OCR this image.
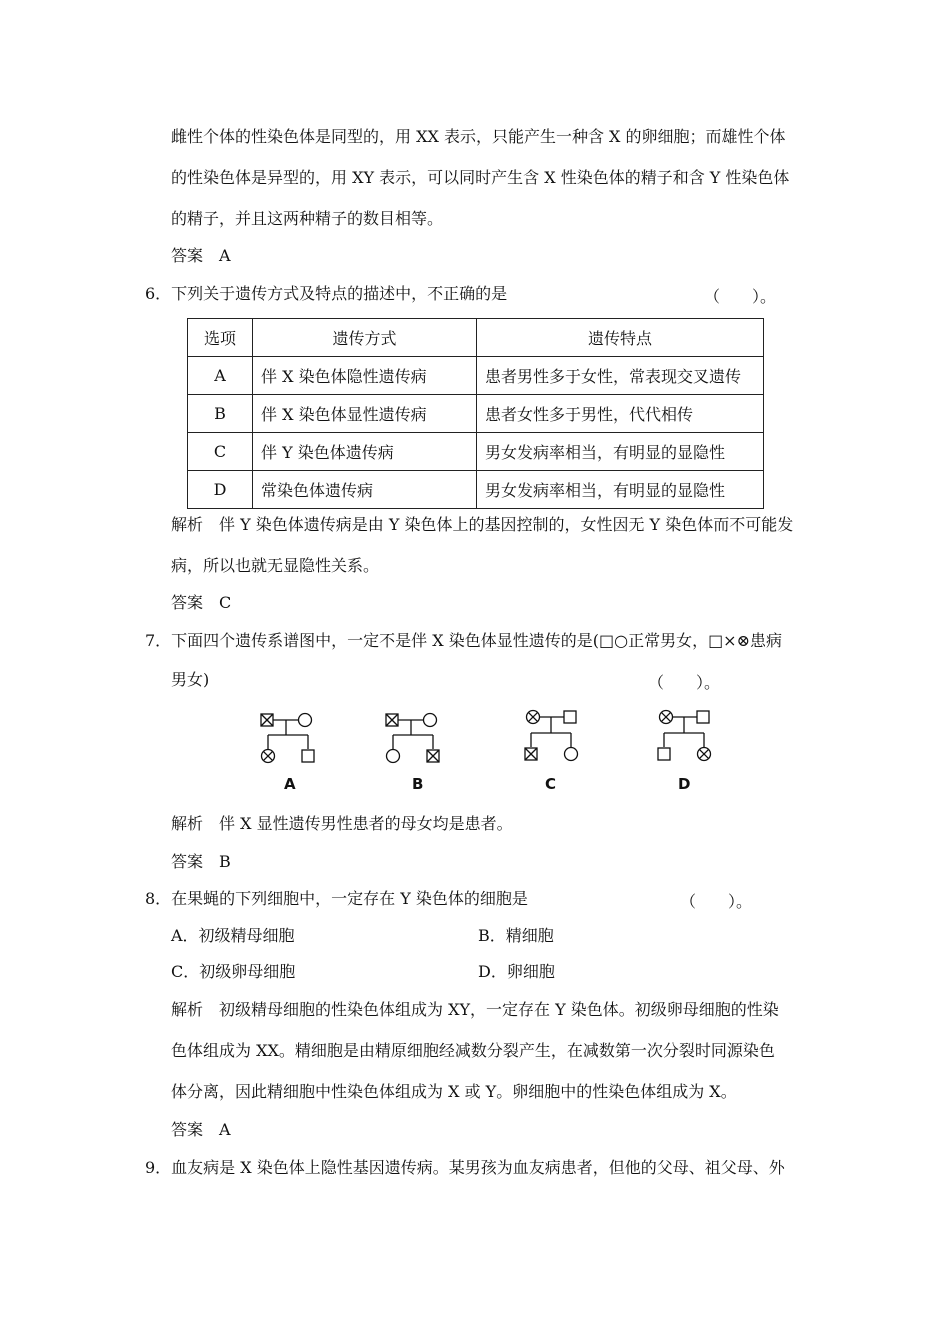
雌性个体的性染色体是同型的，用 XX 表示，只能产生一种含 X 的卵细胞；而雄性个体
的性染色体是异型的，用 XY 表示，可以同时产生含 X 性染色体的精子和含 Y 性染色体
的精子，并且这两种精子的数目相等。
答案　A
6．下列关于遗传方式及特点的描述中，不正确的是	（　　）。
选项	遗传方式	遗传特点
A	伴 X 染色体隐性遗传病	患者男性多于女性，常表现交叉遗传
B	伴 X 染色体显性遗传病	患者女性多于男性，代代相传
C	伴 Y 染色体遗传病	男女发病率相当，有明显的显隐性
D	常染色体遗传病	男女发病率相当，有明显的显隐性
解析　伴 Y 染色体遗传病是由 Y 染色体上的基因控制的，女性因无 Y 染色体而不可能发
病，所以也就无显隐性关系。
答案　C
7．下面四个遗传系谱图中，一定不是伴 X 染色体显性遗传的是(□○正常男女，□×⊗患病
男女)	（　　）。
A	B	C	D
解析　伴 X 显性遗传男性患者的母女均是患者。
答案　B
8．在果蝇的下列细胞中，一定存在 Y 染色体的细胞是	（　　）。
A．初级精母细胞	B．精细胞
C．初级卵母细胞	D．卵细胞
解析　初级精母细胞的性染色体组成为 XY，一定存在 Y 染色体。初级卵母细胞的性染
色体组成为 XX。精细胞是由精原细胞经减数分裂产生，在减数第一次分裂时同源染色
体分离，因此精细胞中性染色体组成为 X 或 Y。卵细胞中的性染色体组成为 X。
答案　A
9．血友病是 X 染色体上隐性基因遗传病。某男孩为血友病患者，但他的父母、祖父母、外
